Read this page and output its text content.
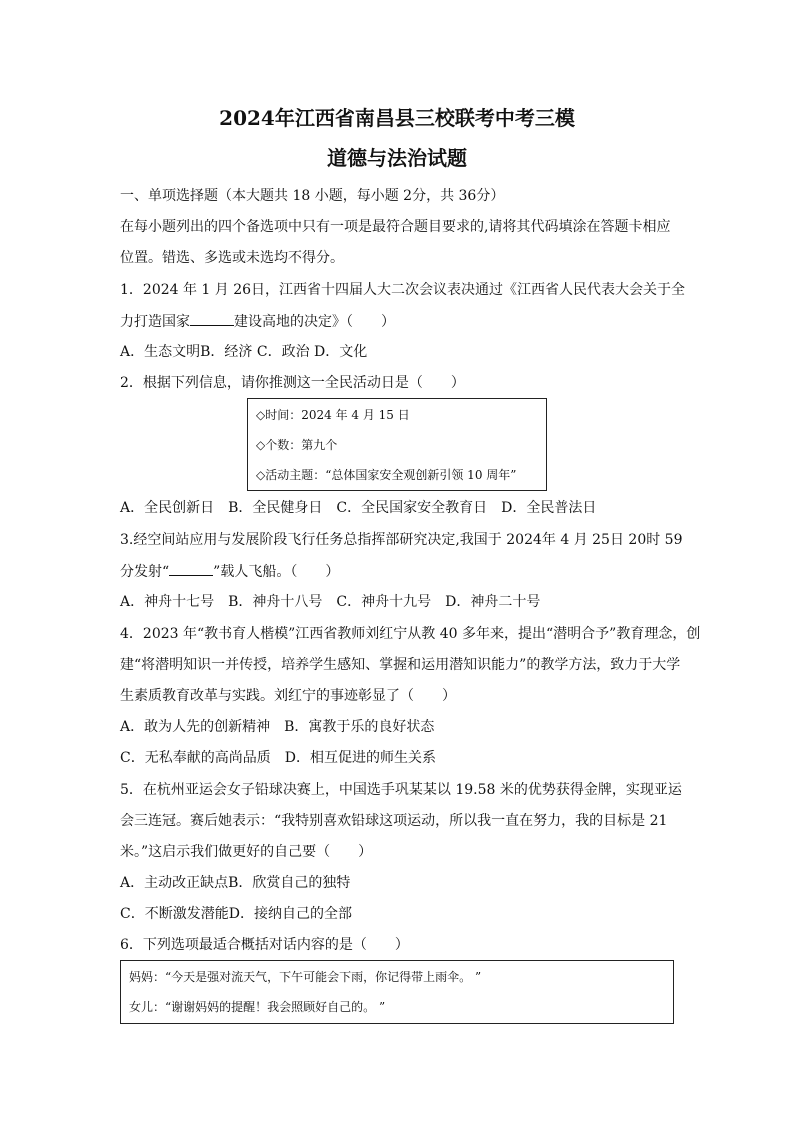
2024年江西省南昌县三校联考中考三模
道德与法治试题
一、单项选择题（本大题共 18 小题，每小题 2分，共 36分）
在每小题列出的四个备选项中只有一项是最符合题目要求的,请将其代码填涂在答题卡相应
位置。错选、多选或未选均不得分。
1．2024 年 1 月 26日，江西省十四届人大二次会议表决通过《江西省人民代表大会关于全
力打造国家	建设高地的决定》（　　）
A．生态文明B．经济 C．政治 D．文化
2．根据下列信息，请你推测这一全民活动日是（　　）
◇时间：2024 年 4 月 15 日
◇个数：第九个
◇活动主题：“总体国家安全观创新引领 10 周年”
A．全民创新日 B．全民健身日 C．全民国家安全教育日 D．全民普法日
3.经空间站应用与发展阶段飞行任务总指挥部研究决定,我国于 2024年 4 月 25日 20时 59
分发射“	”载人飞船。（　　）
A．神舟十七号 B．神舟十八号 C．神舟十九号 D．神舟二十号
4．2023 年“教书育人楷模”江西省教师刘红宁从教 40 多年来，提出“潜明合予”教育理念，创
建“将潜明知识一并传授，培养学生感知、掌握和运用潜知识能力”的教学方法，致力于大学
生素质教育改革与实践。刘红宁的事迹彰显了（　　）
A．敢为人先的创新精神 B．寓教于乐的良好状态
C．无私奉献的高尚品质 D．相互促进的师生关系
5．在杭州亚运会女子铅球决赛上，中国选手巩某某以 19.58 米的优势获得金牌，实现亚运
会三连冠。赛后她表示：“我特别喜欢铅球这项运动，所以我一直在努力，我的目标是 21
米。”这启示我们做更好的自己要（　　）
A．主动改正缺点B．欣赏自己的独特
C．不断激发潜能D．接纳自己的全部
6．下列选项最适合概括对话内容的是（　　）
妈妈：“今天是强对流天气，下午可能会下雨，你记得带上雨伞。 ”
女儿：“谢谢妈妈的提醒！我会照顾好自己的。 ”
